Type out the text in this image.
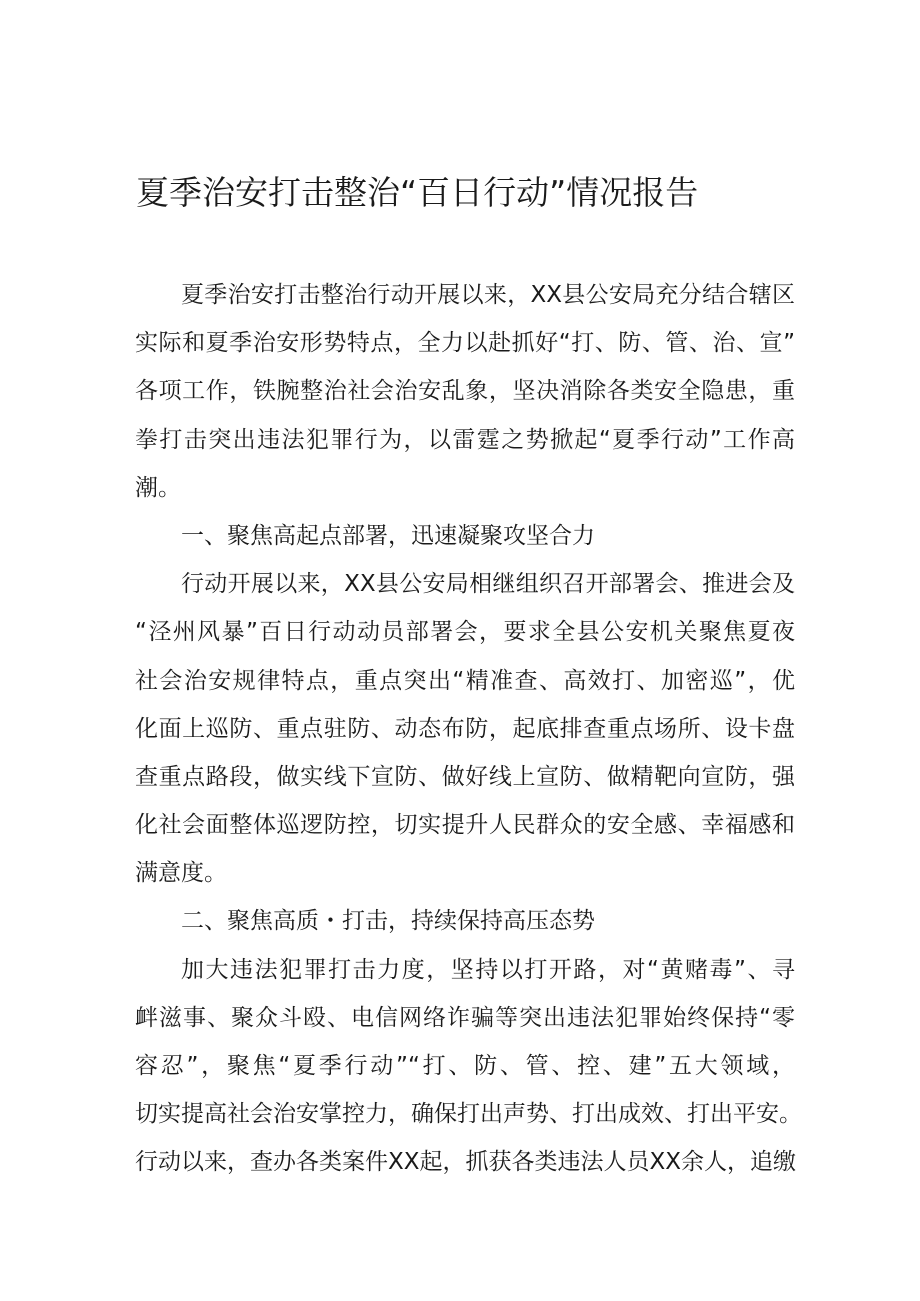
夏季治安打击整治“百日行动”情况报告
夏季治安打击整治行动开展以来，XX县公安局充分结合辖区
实际和夏季治安形势特点，全力以赴抓好“打、防、管、治、宣”
各项工作，铁腕整治社会治安乱象，坚决消除各类安全隐患，重
拳打击突出违法犯罪行为，以雷霆之势掀起“夏季行动”工作高
潮。
一、聚焦高起点部署，迅速凝聚攻坚合力
行动开展以来，XX县公安局相继组织召开部署会、推进会及
“泾州风暴”百日行动动员部署会，要求全县公安机关聚焦夏夜
社会治安规律特点，重点突出“精准查、高效打、加密巡”，优
化面上巡防、重点驻防、动态布防，起底排查重点场所、设卡盘
查重点路段，做实线下宣防、做好线上宣防、做精靶向宣防，强
化社会面整体巡逻防控，切实提升人民群众的安全感、幸福感和
满意度。
二、聚焦高质・打击，持续保持高压态势
加大违法犯罪打击力度，坚持以打开路，对“黄赌毒”、寻
衅滋事、聚众斗殴、电信网络诈骗等突出违法犯罪始终保持“零
容忍”，聚焦“夏季行动”“打、防、管、控、建”五大领域，
切实提高社会治安掌控力，确保打出声势、打出成效、打出平安。
行动以来，查办各类案件XX起，抓获各类违法人员XX余人，追缴
